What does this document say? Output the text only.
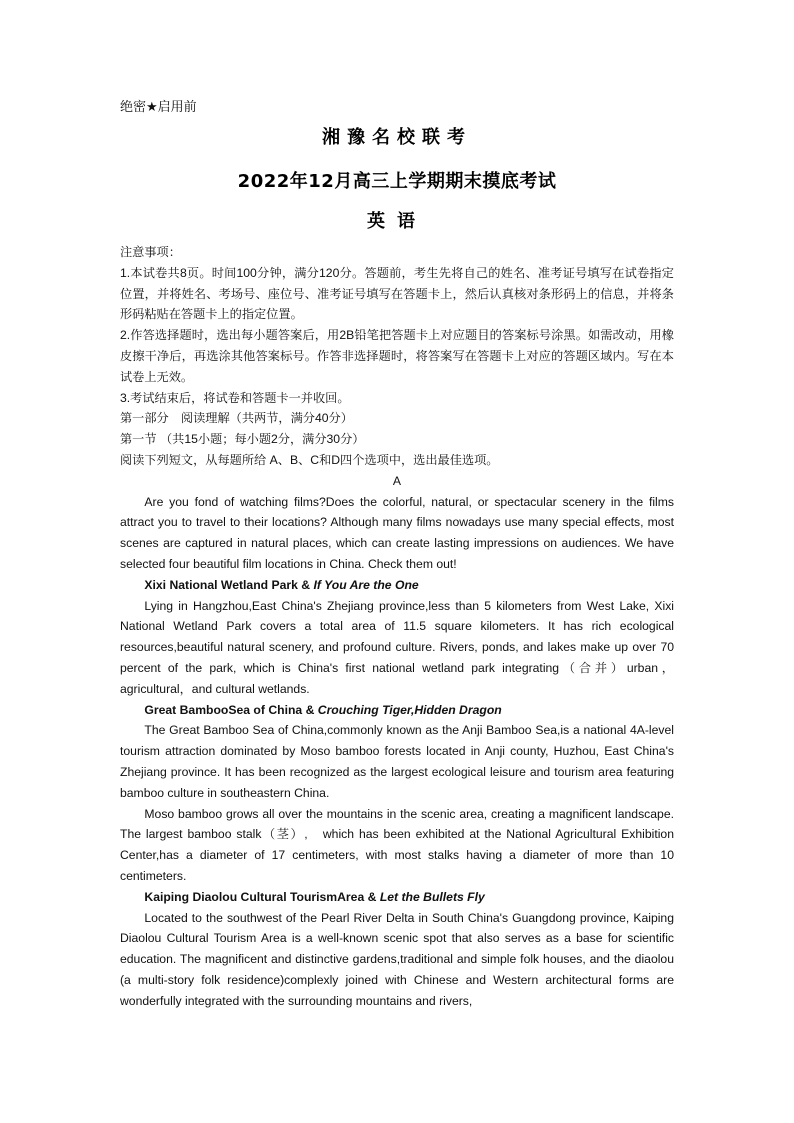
绝密★启用前
湘豫名校联考
2022年12月高三上学期期末摸底考试
英语

注意事项：

1.本试卷共8页。时间100分钟，满分120分。答题前，考生先将自己的姓名、准考证号填写在试卷指定位置，并将姓名、考场号、座位号、准考证号填写在答题卡上，然后认真核对条形码上的信息，并将条形码粘贴在答题卡上的指定位置。

2.作答选择题时，选出每小题答案后，用2B铅笔把答题卡上对应题目的答案标号涂黑。如需改动，用橡皮擦干净后，再选涂其他答案标号。作答非选择题时，将答案写在答题卡上对应的答题区域内。写在本试卷上无效。

3.考试结束后，将试卷和答题卡一并收回。

第一部分　阅读理解（共两节，满分40分）

第一节 （共15小题；每小题2分，满分30分）

阅读下列短文，从每题所给 A、B、C和D四个选项中，选出最佳选项。

A

Are you fond of watching films?Does the colorful, natural, or spectacular scenery in the films attract you to travel to their locations? Although many films nowadays use many special effects, most scenes are captured in natural places, which can create lasting impressions on audiences. We have selected four beautiful film locations in China. Check them out!

Xixi National Wetland Park & If You Are the One

Lying in Hangzhou,East China's Zhejiang province,less than 5 kilometers from West Lake, Xixi National Wetland Park covers a total area of 11.5 square kilometers. It has rich ecological resources,beautiful natural scenery, and profound culture. Rivers, ponds, and lakes make up over 70 percent of the park, which is China's first national wetland park integrating（合并）urban，agricultural，and cultural wetlands.

Great BambooSea of China & Crouching Tiger,Hidden Dragon

The Great Bamboo Sea of China,commonly known as the Anji Bamboo Sea,is a national 4A-level tourism attraction dominated by Moso bamboo forests located in Anji county, Huzhou, East China's Zhejiang province. It has been recognized as the largest ecological leisure and tourism area featuring bamboo culture in southeastern China.

Moso bamboo grows all over the mountains in the scenic area, creating a magnificent landscape. The largest bamboo stalk（茎）,　which has been exhibited at the National Agricultural Exhibition Center,has a diameter of 17 centimeters, with most stalks having a diameter of more than 10 centimeters.

Kaiping Diaolou Cultural TourismArea & Let the Bullets Fly

Located to the southwest of the Pearl River Delta in South China's Guangdong province, Kaiping Diaolou Cultural Tourism Area is a well-known scenic spot that also serves as a base for scientific education. The magnificent and distinctive gardens,traditional and simple folk houses, and the diaolou (a multi-story folk residence)complexly joined with Chinese and Western architectural forms are wonderfully integrated with the surrounding mountains and rivers,
